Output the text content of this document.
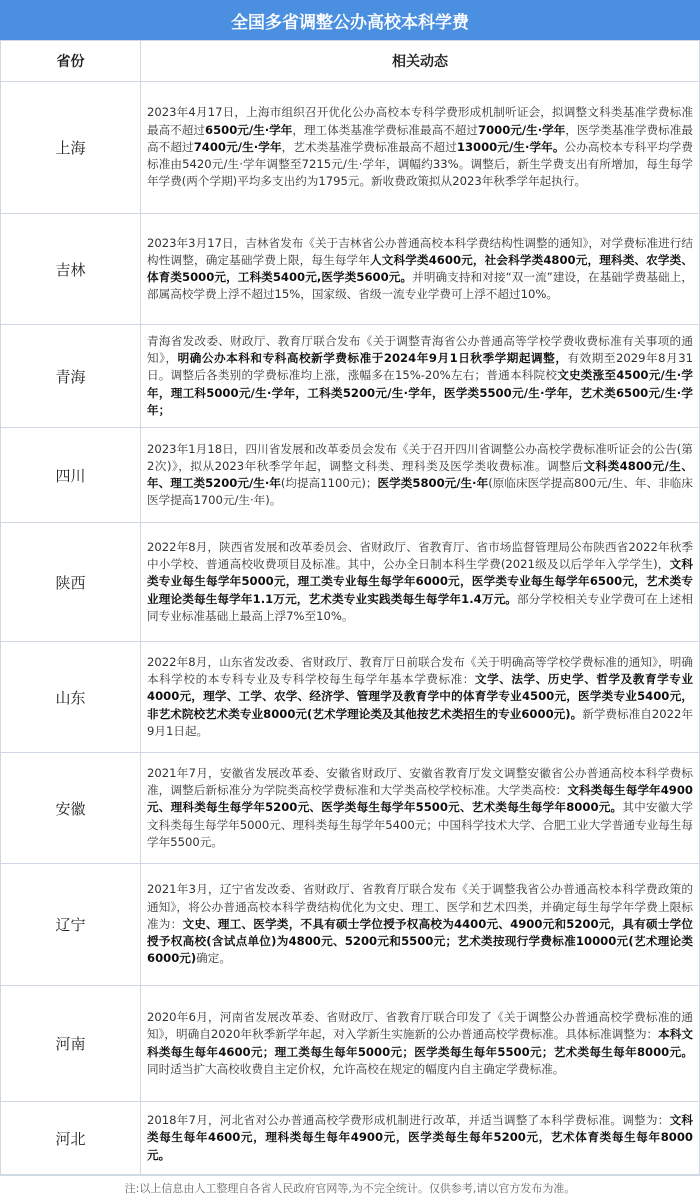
全国多省调整公办高校本科学费
省份	相关动态
上海	2023年4月17日，上海市组织召开优化公办高校本专科学费形成机制听证会，拟调整文科类基准学费标准最高不超过6500元/生·学年，理工体类基准学费标准最高不超过7000元/生·学年，医学类基准学费标准最高不超过7400元/生·学年，艺术类基准学费标准最高不超过13000元/生·学年。公办高校本专科平均学费标准由5420元/生·学年调整至7215元/生·学年，调幅约33%。调整后，新生学费支出有所增加，每生每学年学费(两个学期)平均多支出约为1795元。新收费政策拟从2023年秋季学年起执行。
吉林	2023年3月17日，吉林省发布《关于吉林省公办普通高校本科学费结构性调整的通知》，对学费标准进行结构性调整，确定基础学费上限，每生每学年人文科学类4600元，社会科学类4800元，理科类、农学类、体育类5000元，工科类5400元,医学类5600元。并明确支持和对接“双一流”建设，在基础学费基础上，部属高校学费上浮不超过15%，国家级、省级一流专业学费可上浮不超过10%。
青海	青海省发改委、财政厅、教育厅联合发布《关于调整青海省公办普通高等学校学费收费标准有关事项的通知》，明确公办本科和专科高校新学费标准于2024年9月1日秋季学期起调整，有效期至2029年8月31日。调整后各类别的学费标准均上涨，涨幅多在15%-20%左右；普通本科院校文史类涨至4500元/生·学年，理工科5000元/生·学年，工科类5200元/生·学年，医学类5500元/生·学年，艺术类6500元/生·学年；
四川	2023年1月18日，四川省发展和改革委员会发布《关于召开四川省调整公办高校学费标准听证会的公告(第2次)》，拟从2023年秋季学年起，调整文科类、理科类及医学类收费标准。调整后文科类4800元/生、年、理工类5200元/生·年(均提高1100元)；医学类5800元/生·年(原临床医学提高800元/生、年、非临床医学提高1700元/生·年)。
陕西	2022年8月，陕西省发展和改革委员会、省财政厅、省教育厅、省市场监督管理局公布陕西省2022年秋季中小学校、普通高校收费项目及标准。其中，公办全日制本科生学费(2021级及以后学年入学学生)，文科类专业每生每学年5000元，理工类专业每生每学年6000元，医学类专业每生每学年6500元，艺术类专业理论类每生每学年1.1万元，艺术类专业实践类每生每学年1.4万元。部分学校相关专业学费可在上述相同专业标准基础上最高上浮7%至10%。
山东	2022年8月，山东省发改委、省财政厅、教育厅日前联合发布《关于明确高等学校学费标准的通知》，明确本科学校的本专科专业及专科学校每生每学年基本学费标准：文学、法学、历史学、哲学及教育学专业4000元，理学、工学、农学、经济学、管理学及教育学中的体育学专业4500元，医学类专业5400元，非艺术院校艺术类专业8000元(艺术学理论类及其他按艺术类招生的专业6000元)。新学费标准自2022年9月1日起。
安徽	2021年7月，安徽省发展改革委、安徽省财政厅、安徽省教育厅发文调整安徽省公办普通高校本科学费标准，调整后新标准分为学院类高校学费标准和大学类高校学校标准。大学类高校：文科类每生每学年4900元、理科类每生每学年5200元、医学类每生每学年5500元、艺术类每生每学年8000元。其中安徽大学文科类每生每学年5000元、理科类每生每学年5400元；中国科学技术大学、合肥工业大学普通专业每生每学年5500元。
辽宁	2021年3月，辽宁省发改委、省财政厅、省教育厅联合发布《关于调整我省公办普通高校本科学费政策的通知》，将公办普通高校本科学费结构优化为文史、理工、医学和艺术四类，并确定每生每学年学费上限标准为：文史、理工、医学类，不具有硕士学位授予权高校为4400元、4900元和5200元，具有硕士学位授予权高校(含试点单位)为4800元、5200元和5500元；艺术类按现行学费标准10000元(艺术理论类6000元)确定。
河南	2020年6月，河南省发展改革委、省财政厅、省教育厅联合印发了《关于调整公办普通高校学费标准的通知》，明确自2020年秋季新学年起，对入学新生实施新的公办普通高校学费标准。具体标准调整为：本科文科类每生每年4600元；理工类每生每年5000元；医学类每生每年5500元；艺术类每生每年8000元。同时适当扩大高校收费自主定价权，允许高校在规定的幅度内自主确定学费标准。
河北	2018年7月，河北省对公办普通高校学费形成机制进行改革，并适当调整了本科学费标准。调整为：文科类每生每年4600元，理科类每生每年4900元，医学类每生每年5200元，艺术体育类每生每年8000元。
注:以上信息由人工整理自各省人民政府官网等,为不完全统计。仅供参考,请以官方发布为准。
